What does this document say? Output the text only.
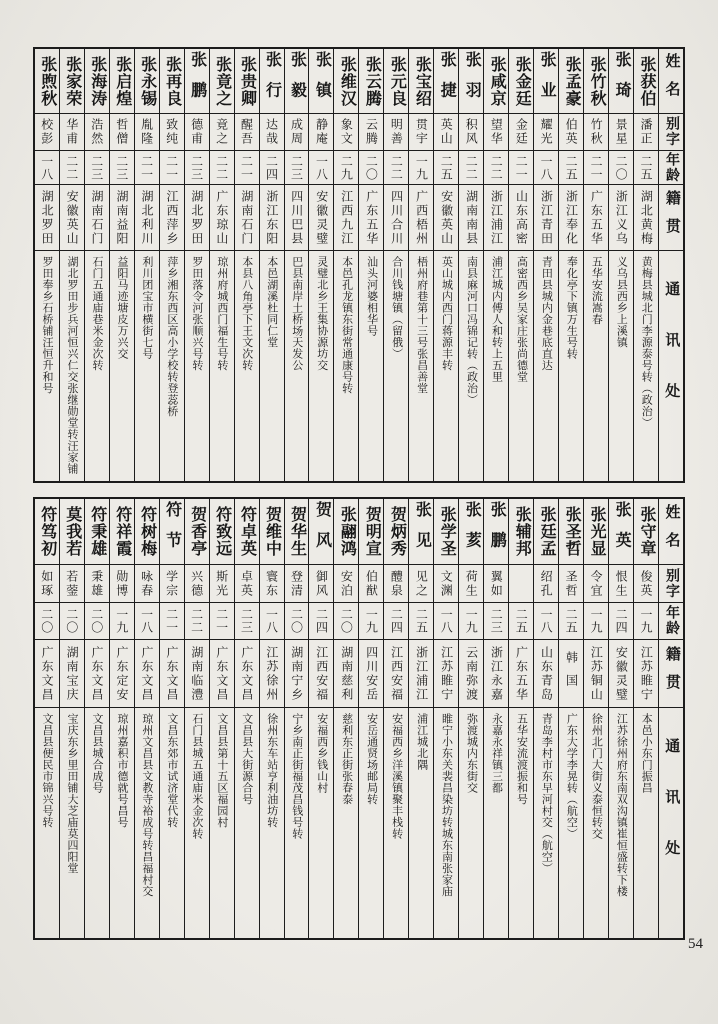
姓名
别字
年龄
籍贯
通讯处
张获伯
潘正
二五
湖北黄梅
黄梅县城北门李源泰号转（政治）
张琦
景星
二〇
浙江义乌
义乌县西乡上溪镇
张竹秋
竹秋
二一
广东五华
五华安流嵩春
张孟豪
伯英
二五
浙江奉化
奉化亭下镇万生号转
张业
耀光
一八
浙江青田
青田县城内金巷底直达
张金廷
金廷
二一
山东高密
高密西乡吴家庄张尚德堂
张咸京
望华
二二
浙江浦江
浦江城内傅人和转上五里
张羽
积风
二二
湖南南县
南县麻河口冯锦记转（政治）
张捷
英山
二五
安徽英山
英山城内西门蒋源丰转
张宝绍
贯宇
一九
广西梧州
梧州府巷第十三号张昌善堂
张元良
明善
二二
四川合川
合川钱塘镇（留俄）
张云腾
云腾
二〇
广东五华
汕头河婆相华号
张维汉
象文
二九
江西九江
本邑孔龙镇东街常通康号转
张镇
静庵
一八
安徽灵璧
灵璧北乡王集协源坊交
张毅
成周
二三
四川巴县
巴县南岸土桥场天发公
张行
达哉
二四
浙江东阳
本邑湖溪杜同仁堂
张贵卿
醒吾
二一
湖南石门
本县八角亭下王文次转
张竟之
竟之
二二
广东琼山
琼州府城西门福生号转
张鹏
德甫
二三
湖北罗田
罗田落令河张顺兴号转
张再良
致纯
二一
江西萍乡
萍乡湘东西区高小学校转登蕊桥
张永锡
胤隆
二一
湖北利川
利川团宝市横街七号
张启煌
哲僧
二三
湖南益阳
益阳马迹塘皮万兴交
张海涛
浩然
二三
湖南石门
石门五通庙巷米金次转
张家荣
华甫
二二
安徽英山
湖北罗田步兵河恒兴仁交张继勋堂转汪家铺
张煦秋
校彭
一八
湖北罗田
罗田奉乡石桥铺汪恒升和号
姓名
别字
年龄
籍贯
通讯处
张守章
俊英
一九
江苏睢宁
本邑小东门振昌
张英
恨生
二四
安徽灵璧
江苏徐州府东南双沟镇崔恒盛转下楼
张光显
令宜
一九
江苏铜山
徐州北门大街义泰恒转交
张圣哲
圣哲
二五
韩国
广东大学李晃转（航空）
张廷孟
绍孔
一八
山东青岛
青岛李村市东早河村交（航空）
张辅邦
二五
广东五华
五华安流渡振和号
张鹏
翼如
二三
浙江永嘉
永嘉永祥镇三都
张荄
荷生
一九
云南弥渡
弥渡城内东街交
张学圣
文渊
一八
江苏睢宁
睢宁小东关裴昌染坊转城东南张家庙
张见
见之
二五
浙江浦江
浦江城北隅
贺炳秀
醴泉
二四
江西安福
安福西乡洋溪镇聚丰栈转
贺明宣
伯猷
一九
四川安岳
安岳通贤场邮局转
张翮鸿
安泊
二〇
湖南慈利
慈利东正街张春泰
贺风
御风
二四
江西安福
安福西乡钱山村
贺华生
登清
二〇
湖南宁乡
宁乡南正街福茂昌钱号转
贺维中
寰东
一八
江苏徐州
徐州东车站亨利油坊转
符卓英
卓英
二三
广东文昌
文昌县大街源合号
符致远
斯光
二一
广东文昌
文昌县第十五区福园村
贺香亭
兴德
二二
湖南临澧
石门县城五通庙米金次转
符节
学宗
二一
广东文昌
文昌东郊市试济堂代转
符树梅
咏春
一八
广东文昌
琼州文昌县文教寺裕成号转昌福村交
符祥霞
勋博
一九
广东定安
琼州嘉积市德就号昌号
符秉雄
秉雄
二〇
广东文昌
文昌县城合成号
莫我若
若蓥
二〇
湖南宝庆
宝庆东乡里田铺大芝庙莫四阳堂
符笃初
如琢
二〇
广东文昌
文昌县便民市锦兴号转
54
